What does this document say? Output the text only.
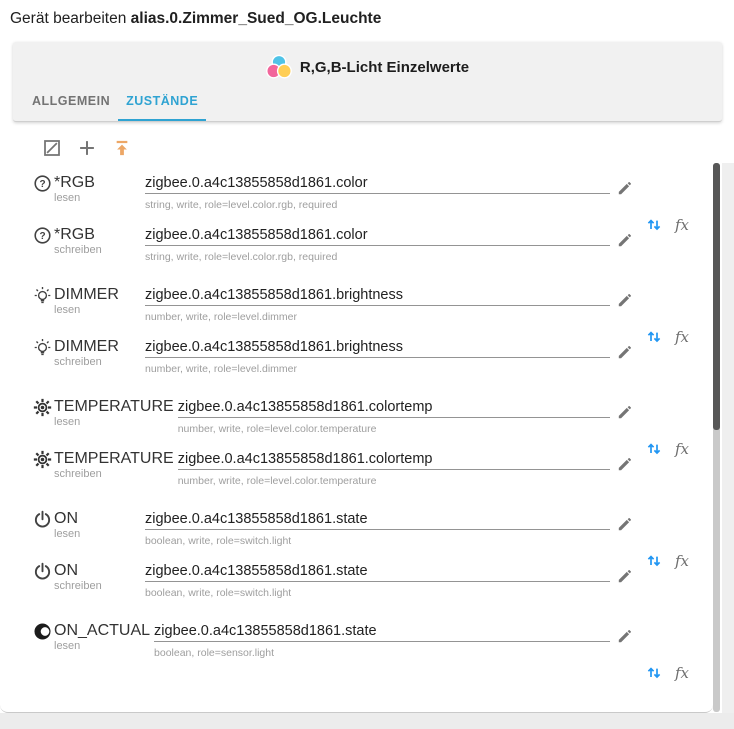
Gerät bearbeiten alias.0.Zimmer_Sued_OG.Leuchte
R,G,B-Licht Einzelwerte
ALLGEMEIN	ZUSTÄNDE
? *RGB
lesen
zigbee.0.a4c13855858d1861.color
string, write, role=level.color.rgb, required
? *RGB
schreiben
zigbee.0.a4c13855858d1861.color
string, write, role=level.color.rgb, required
fx
DIMMER
lesen
zigbee.0.a4c13855858d1861.brightness
number, write, role=level.dimmer
DIMMER
schreiben
zigbee.0.a4c13855858d1861.brightness
number, write, role=level.dimmer
fx
TEMPERATURE
lesen
zigbee.0.a4c13855858d1861.colortemp
number, write, role=level.color.temperature
TEMPERATURE
schreiben
zigbee.0.a4c13855858d1861.colortemp
number, write, role=level.color.temperature
fx
ON
lesen
zigbee.0.a4c13855858d1861.state
boolean, write, role=switch.light
ON
schreiben
zigbee.0.a4c13855858d1861.state
boolean, write, role=switch.light
fx
ON_ACTUAL
lesen
zigbee.0.a4c13855858d1861.state
boolean, role=sensor.light
fx
